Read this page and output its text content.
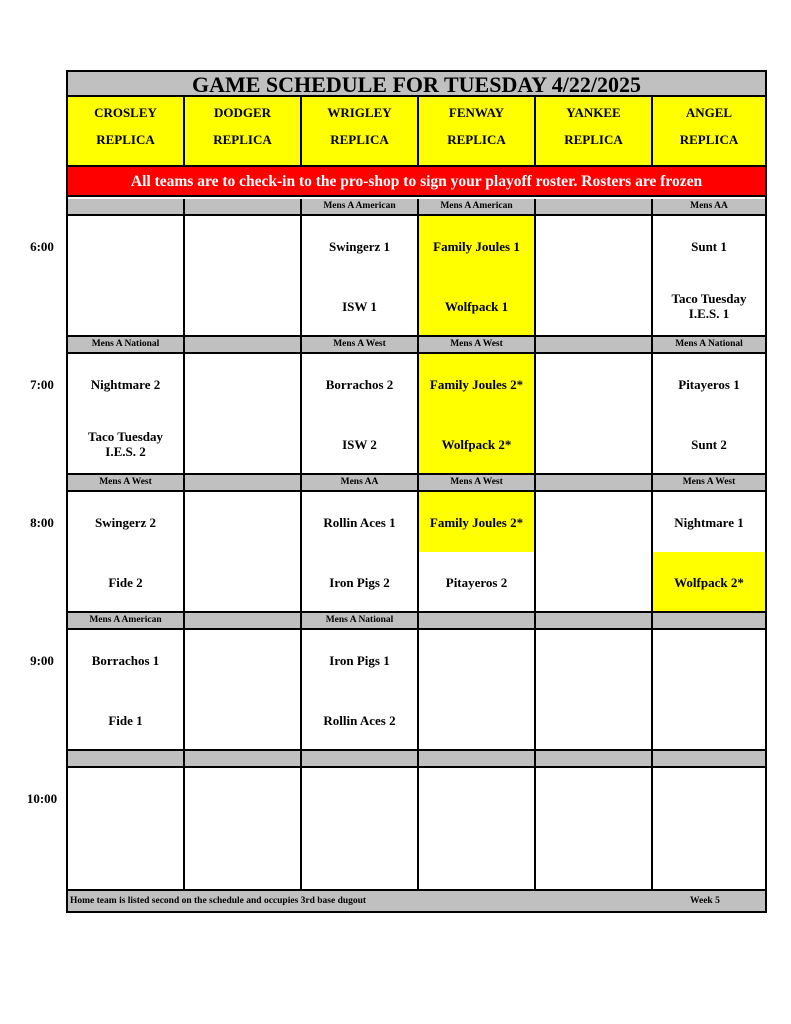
GAME SCHEDULE FOR TUESDAY 4/22/2025
CROSLEY
REPLICA
DODGER
REPLICA
WRIGLEY
REPLICA
FENWAY
REPLICA
YANKEE
REPLICA
ANGEL
REPLICA
All teams are to check-in to the pro-shop to sign your playoff roster. Rosters are frozen
Mens A American
Swingerz 1
ISW 1
Mens A American
Family Joules 1
Wolfpack 1
Mens AA
Sunt 1
Taco Tuesday
I.E.S. 1
Mens A National
Nightmare 2
Taco Tuesday
I.E.S. 2
Mens A West
Borrachos 2
ISW 2
Mens A West
Family Joules 2*
Wolfpack 2*
Mens A National
Pitayeros 1
Sunt 2
Mens A West
Swingerz 2
Fide 2
Mens AA
Rollin Aces 1
Iron Pigs 2
Mens A West
Family Joules 2*
Pitayeros 2
Mens A West
Nightmare 1
Wolfpack 2*
Mens A American
Borrachos 1
Fide 1
Mens A National
Iron Pigs 1
Rollin Aces 2
Home team is listed second on the schedule and occupies 3rd base dugout	Week 5
6:00
7:00
8:00
9:00
10:00
